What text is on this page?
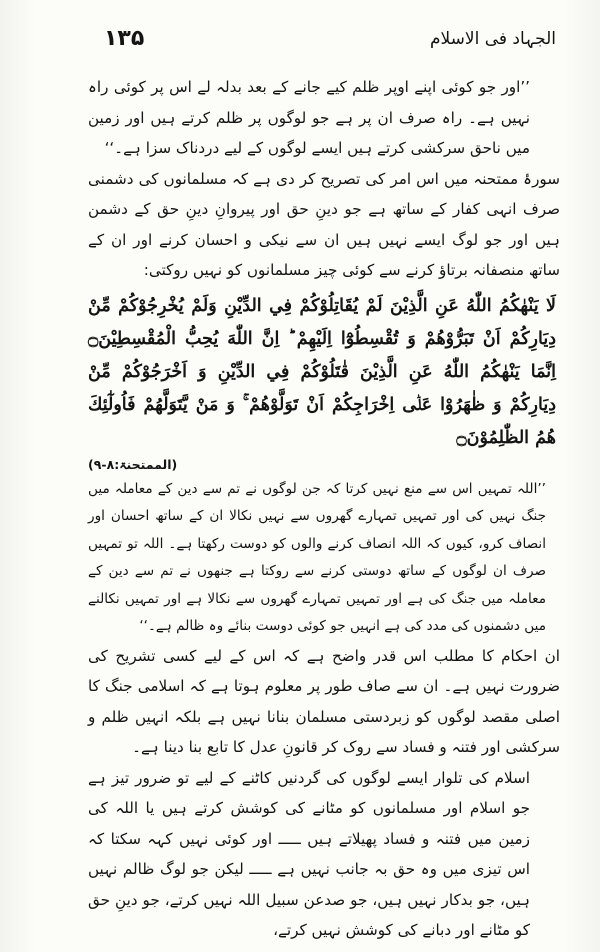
۱۳۵	الجہاد فی الاسلام

’’اور جو کوئی اپنے اوپر ظلم کیے جانے کے بعد بدلہ لے اس پر کوئی راہ نہیں ہے۔ راہ صرف ان پر ہے جو لوگوں پر ظلم کرتے ہیں اور زمین میں ناحق سرکشی کرتے ہیں ایسے لوگوں کے لیے دردناک سزا ہے۔‘‘

سورۂ ممتحنہ میں اس امر کی تصریح کر دی ہے کہ مسلمانوں کی دشمنی صرف انہی کفار کے ساتھ ہے جو دینِ حق اور پیروانِ دینِ حق کے دشمن ہیں اور جو لوگ ایسے نہیں ہیں ان سے نیکی و احسان کرنے اور ان کے ساتھ منصفانہ برتاؤ کرنے سے کوئی چیز مسلمانوں کو نہیں روکتی:

لَا يَنْهٰكُمُ اللّٰهُ عَنِ الَّذِيْنَ لَمْ يُقَاتِلُوْكُمْ فِي الدِّيْنِ وَلَمْ يُخْرِجُوْكُمْ مِّنْ دِيَارِكُمْ اَنْ تَبَرُّوْهُمْ وَ تُقْسِطُوْٓا اِلَيْهِمْ ؕ اِنَّ اللّٰهَ يُحِبُّ الْمُقْسِطِيْنَ۝ اِنَّمَا يَنْهٰكُمُ اللّٰهُ عَنِ الَّذِيْنَ قٰتَلُوْكُمْ فِي الدِّيْنِ وَ اَخْرَجُوْكُمْ مِّنْ دِيَارِكُمْ وَ ظٰهَرُوْا عَلٰۤى اِخْرَاجِكُمْ اَنْ تَوَلَّوْهُمْ ۚ وَ مَنْ يَّتَوَلَّهُمْ فَاُولٰٓئِكَ هُمُ الظّٰلِمُوْنَ۝

(الممتحنۃ:۸-۹)

’’اللہ تمہیں اس سے منع نہیں کرتا کہ جن لوگوں نے تم سے دین کے معاملہ میں جنگ نہیں کی اور تمہیں تمہارے گھروں سے نہیں نکالا ان کے ساتھ احسان اور انصاف کرو، کیوں کہ اللہ انصاف کرنے والوں کو دوست رکھتا ہے۔ اللہ تو تمہیں صرف ان لوگوں کے ساتھ دوستی کرنے سے روکتا ہے جنھوں نے تم سے دین کے معاملہ میں جنگ کی ہے اور تمہیں تمہارے گھروں سے نکالا ہے اور تمہیں نکالنے میں دشمنوں کی مدد کی ہے انہیں جو کوئی دوست بنائے وہ ظالم ہے۔‘‘

ان احکام کا مطلب اس قدر واضح ہے کہ اس کے لیے کسی تشریح کی ضرورت نہیں ہے۔ ان سے صاف طور پر معلوم ہوتا ہے کہ اسلامی جنگ کا اصلی مقصد لوگوں کو زبردستی مسلمان بنانا نہیں ہے بلکہ انہیں ظلم و سرکشی اور فتنہ و فساد سے روک کر قانونِ عدل کا تابع بنا دینا ہے۔

اسلام کی تلوار ایسے لوگوں کی گردنیں کاٹنے کے لیے تو ضرور تیز ہے جو اسلام اور مسلمانوں کو مٹانے کی کوشش کرتے ہیں یا اللہ کی زمین میں فتنہ و فساد پھیلاتے ہیں ـــــ اور کوئی نہیں کہہ سکتا کہ اس تیزی میں وہ حق بہ جانب نہیں ہے ـــــ لیکن جو لوگ ظالم نہیں ہیں، جو بدکار نہیں ہیں، جو صدعن سبیل اللہ نہیں کرتے، جو دینِ حق کو مٹانے اور دبانے کی کوشش نہیں کرتے،
